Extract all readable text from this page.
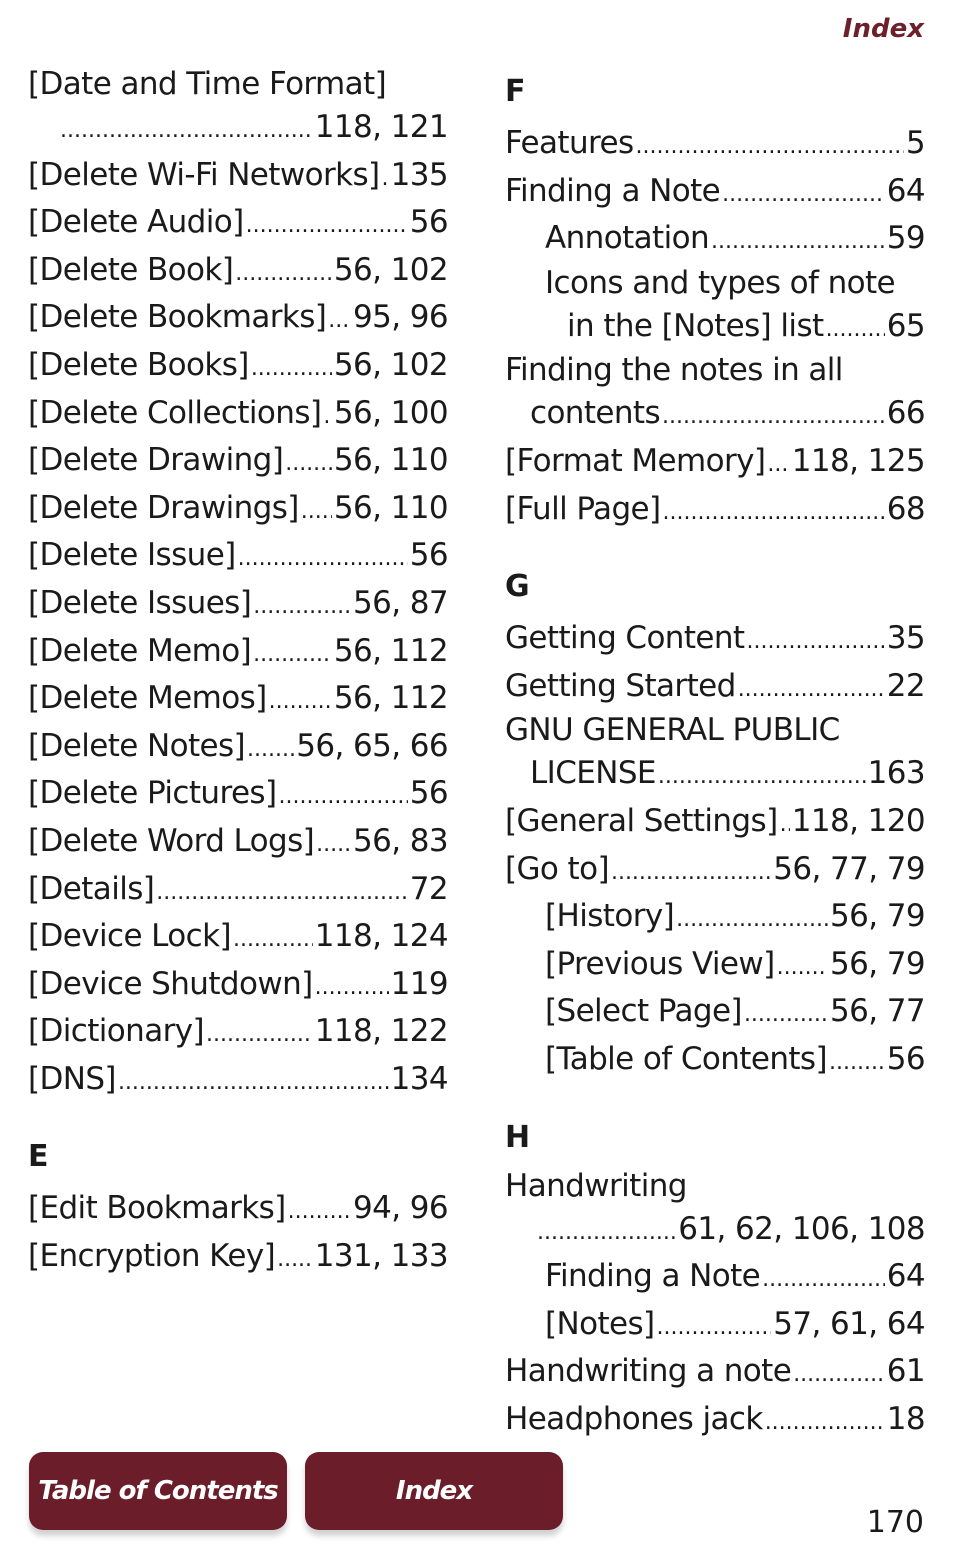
Index
[Date and Time Format]
.....
118, 121
[Delete Wi-Fi Networks] ..... 135
[Delete Audio] .....	56
[Delete Book] .....	56, 102
[Delete Bookmarks] ..... 95, 96
[Delete Books] .....	56, 102
[Delete Collections] ..... 56, 100
[Delete Drawing] ..... 56, 110
[Delete Drawings] ..... 56, 110
[Delete Issue] .....	56
[Delete Issues] .....	56, 87
[Delete Memo] .....	56, 112
[Delete Memos] ..... 56, 112
[Delete Notes] ..... 56, 65, 66
[Delete Pictures] .....	56
[Delete Word Logs] ..... 56, 83
[Details] .....	72
[Device Lock] .....	118, 124
[Device Shutdown] .....	119
[Dictionary] .....	118, 122
[DNS] .....	134
E
[Edit Bookmarks] ..... 94, 96
[Encryption Key] ..... 131, 133
F
Features .....	5
Finding a Note .....	64
Annotation .....	59
Icons and types of note
in the [Notes] list ..... 65
Finding the notes in all
contents .....	66
[Format Memory] ..... 118, 125
[Full Page] .....	68
G
Getting Content .....	35
Getting Started .....	22
GNU GENERAL PUBLIC
LICENSE .....	163
[General Settings] ..... 118, 120
[Go to] .....	56, 77, 79
[History] .....	56, 79
[Previous View] ..... 56, 79
[Select Page] .....	56, 77
[Table of Contents] ..... 56
H
Handwriting
.....
61, 62, 106, 108
Finding a Note .....	64
[Notes] .....	57, 61, 64
Handwriting a note .....	61
Headphones jack .....	18
Table of Contents	Index
170
